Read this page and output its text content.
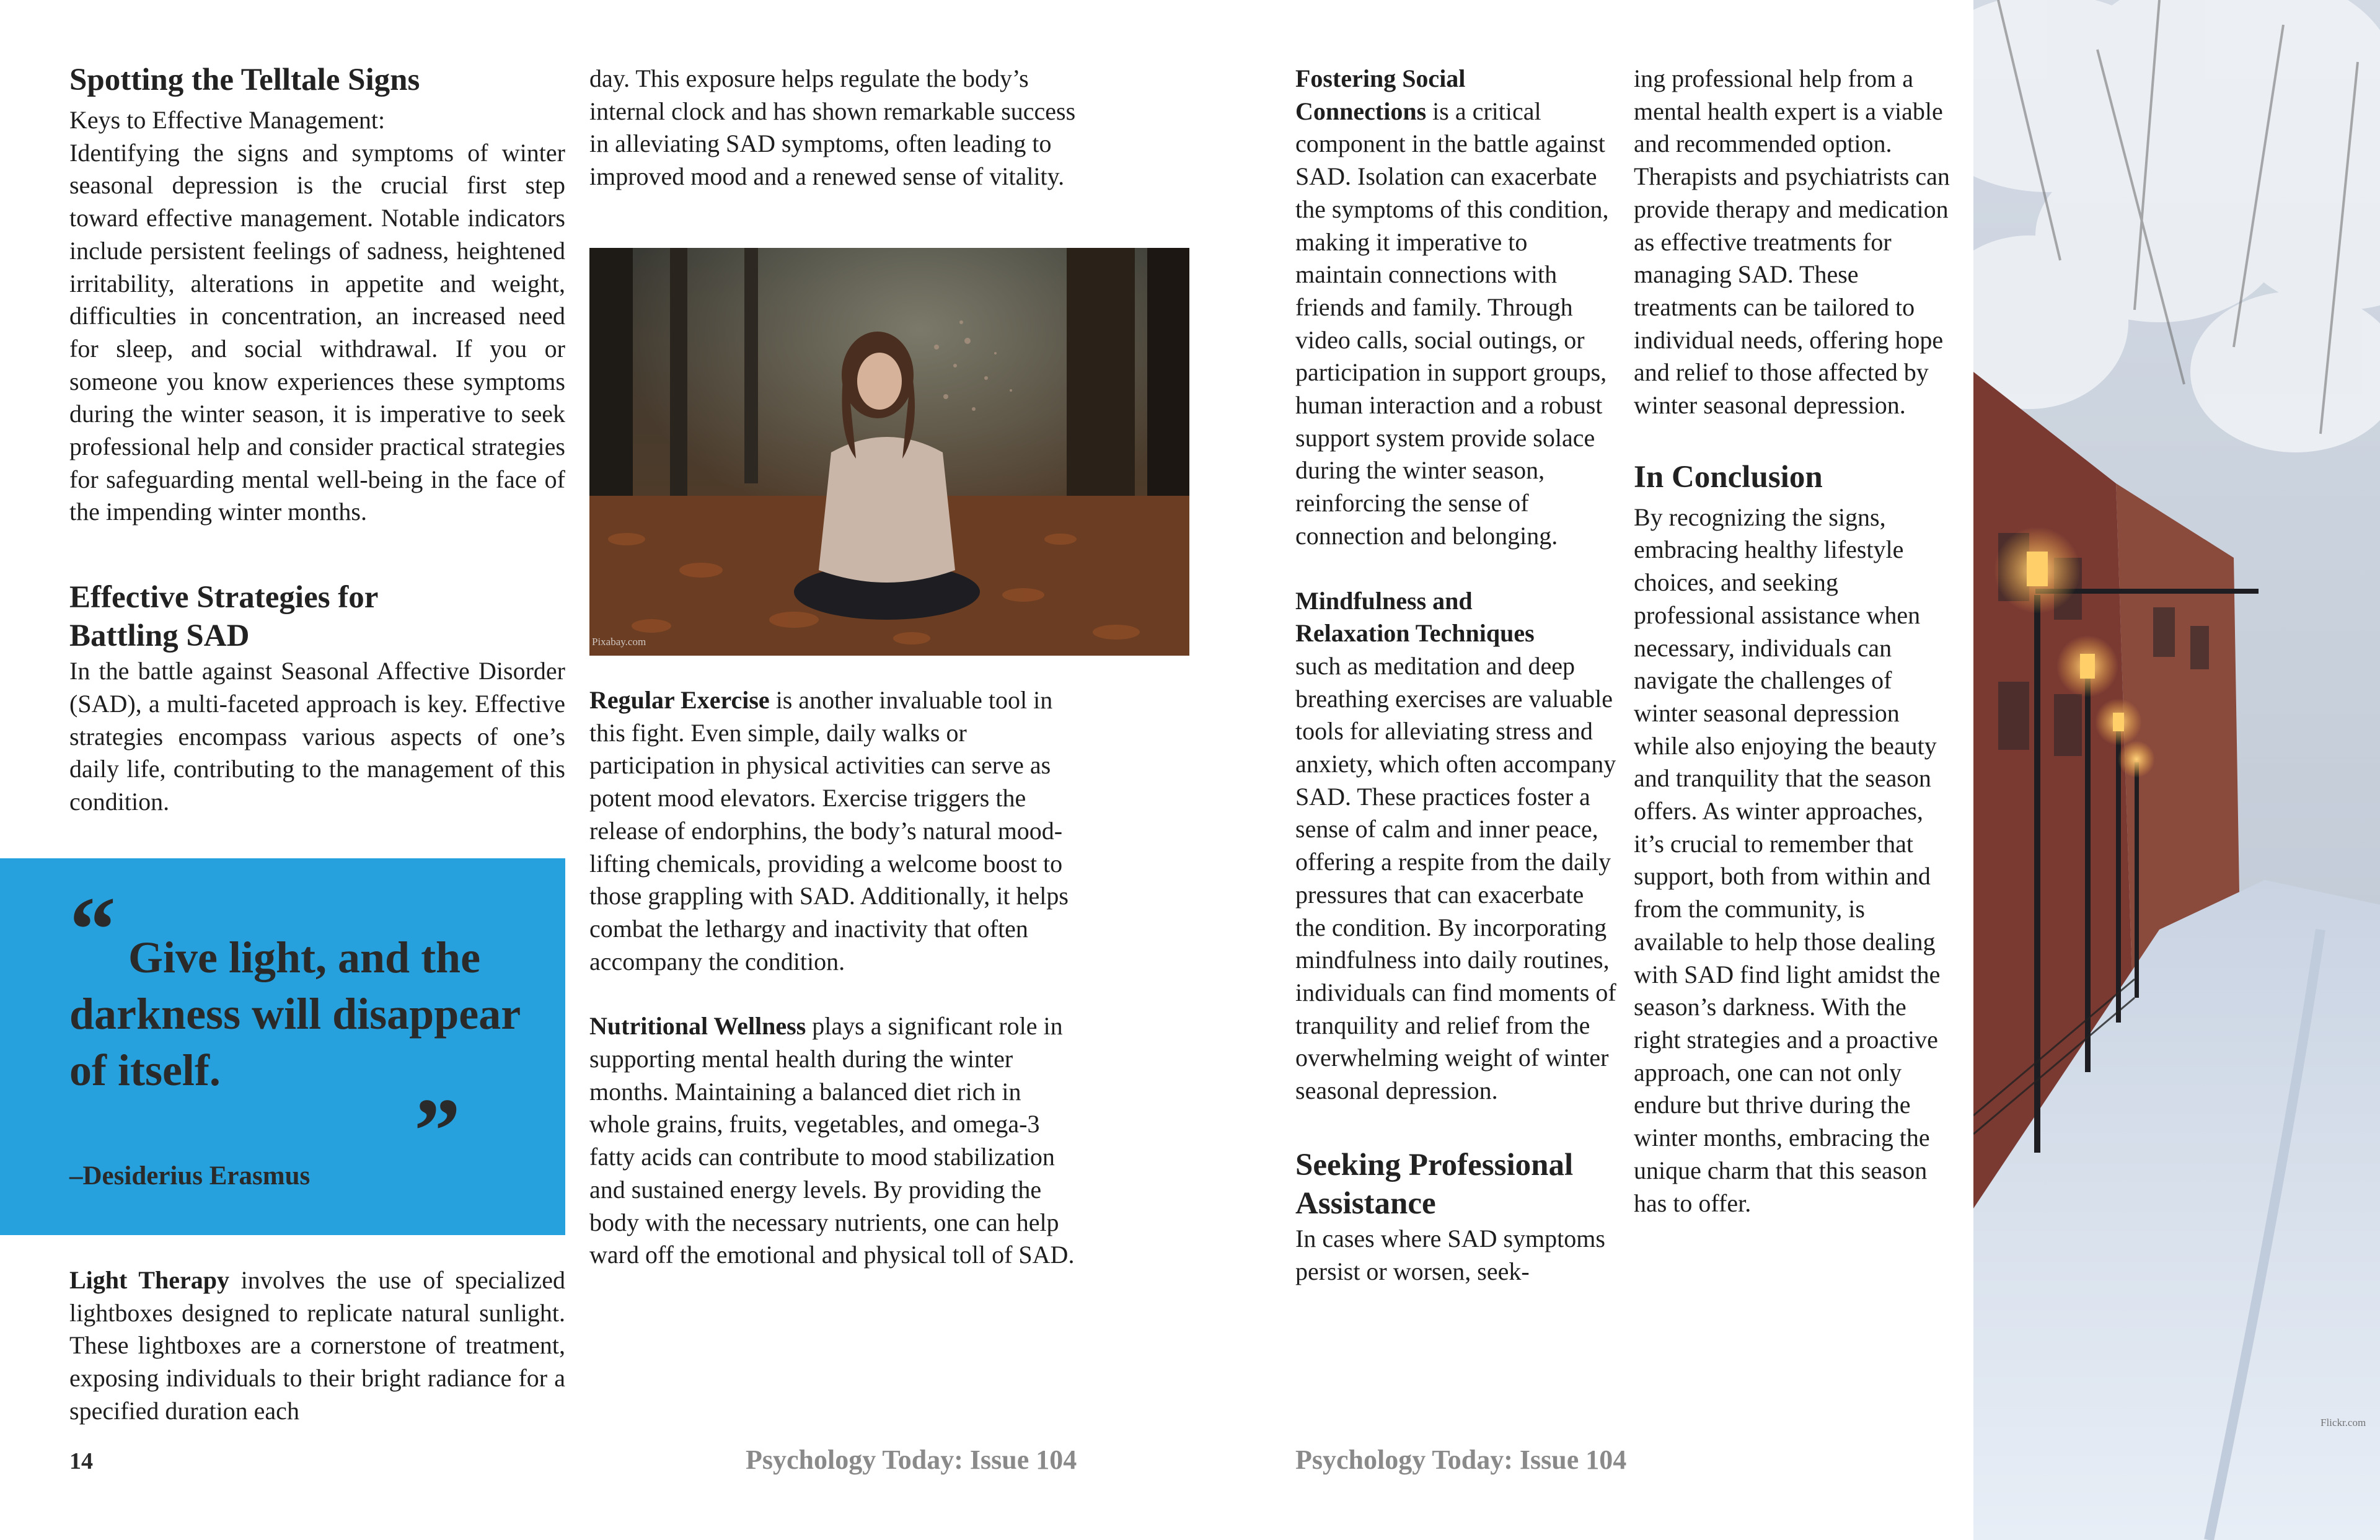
Spotting the Telltale Signs

Keys to Effective Management:

Identifying the signs and symptoms of winter seasonal depression is the crucial first step toward effective management. Notable indicators include persistent feelings of sadness, heightened irritability, alterations in appetite and weight, difficulties in concentration, an increased need for sleep, and social withdrawal. If you or someone you know experiences these symptoms during the winter season, it is imperative to seek professional help and consider practical strategies for safeguarding mental well-being in the face of the impending winter months.

Effective Strategies for
Battling SAD

In the battle against Seasonal Affective Disorder (SAD), a multi-faceted approach is key. Effective strategies encompass various aspects of one’s daily life, contributing to the management of this condition.

“ Give light, and the
darkness will disappear
of itself.
”
–Desiderius Erasmus

Light Therapy involves the use of specialized lightboxes designed to replicate natural sunlight. These lightboxes are a cornerstone of treatment, exposing individuals to their bright radiance for a specified duration each

day. This exposure helps regulate the body’s internal clock and has shown remarkable success in alleviating SAD symptoms, often leading to improved mood and a renewed sense of vitality.

Pixabay.com

Regular Exercise is another invaluable tool in this fight. Even simple, daily walks or participation in physical activities can serve as potent mood elevators. Exercise triggers the release of endorphins, the body’s natural mood-lifting chemicals, providing a welcome boost to those grappling with SAD. Additionally, it helps combat the lethargy and inactivity that often accompany the condition.

Nutritional Wellness plays a significant role in supporting mental health during the winter months. Maintaining a balanced diet rich in whole grains, fruits, vegetables, and omega-3 fatty acids can contribute to mood stabilization and sustained energy levels. By providing the body with the necessary nutrients, one can help ward off the emotional and physical toll of SAD.

14	Psychology Today: Issue 104

Fostering Social
Connections is a critical component in the battle against SAD. Isolation can exacerbate the symptoms of this condition, making it imperative to maintain connections with friends and family. Through video calls, social outings, or participation in support groups, human interaction and a robust support system provide solace during the winter season, reinforcing the sense of connection and belonging.

Mindfulness and
Relaxation Techniques

such as meditation and deep breathing exercises are valuable tools for alleviating stress and anxiety, which often accompany SAD. These practices foster a sense of calm and inner peace, offering a respite from the daily pressures that can exacerbate the condition. By incorporating mindfulness into daily routines, individuals can find moments of tranquility and relief from the overwhelming weight of winter seasonal depression.

Seeking Professional
Assistance

In cases where SAD symptoms persist or worsen, seek-

ing professional help from a mental health expert is a viable and recommended option. Therapists and psychiatrists can provide therapy and medication as effective treatments for managing SAD. These treatments can be tailored to individual needs, offering hope and relief to those affected by winter seasonal depression.

In Conclusion

By recognizing the signs, embracing healthy lifestyle choices, and seeking professional assistance when necessary, individuals can navigate the challenges of winter seasonal depression while also enjoying the beauty and tranquility that the season offers. As winter approaches, it’s crucial to remember that support, both from within and from the community, is available to help those dealing with SAD find light amidst the season’s darkness. With the right strategies and a proactive approach, one can not only endure but thrive during the winter months, embracing the unique charm that this season has to offer.

Psychology Today: Issue 104
Flickr.com
